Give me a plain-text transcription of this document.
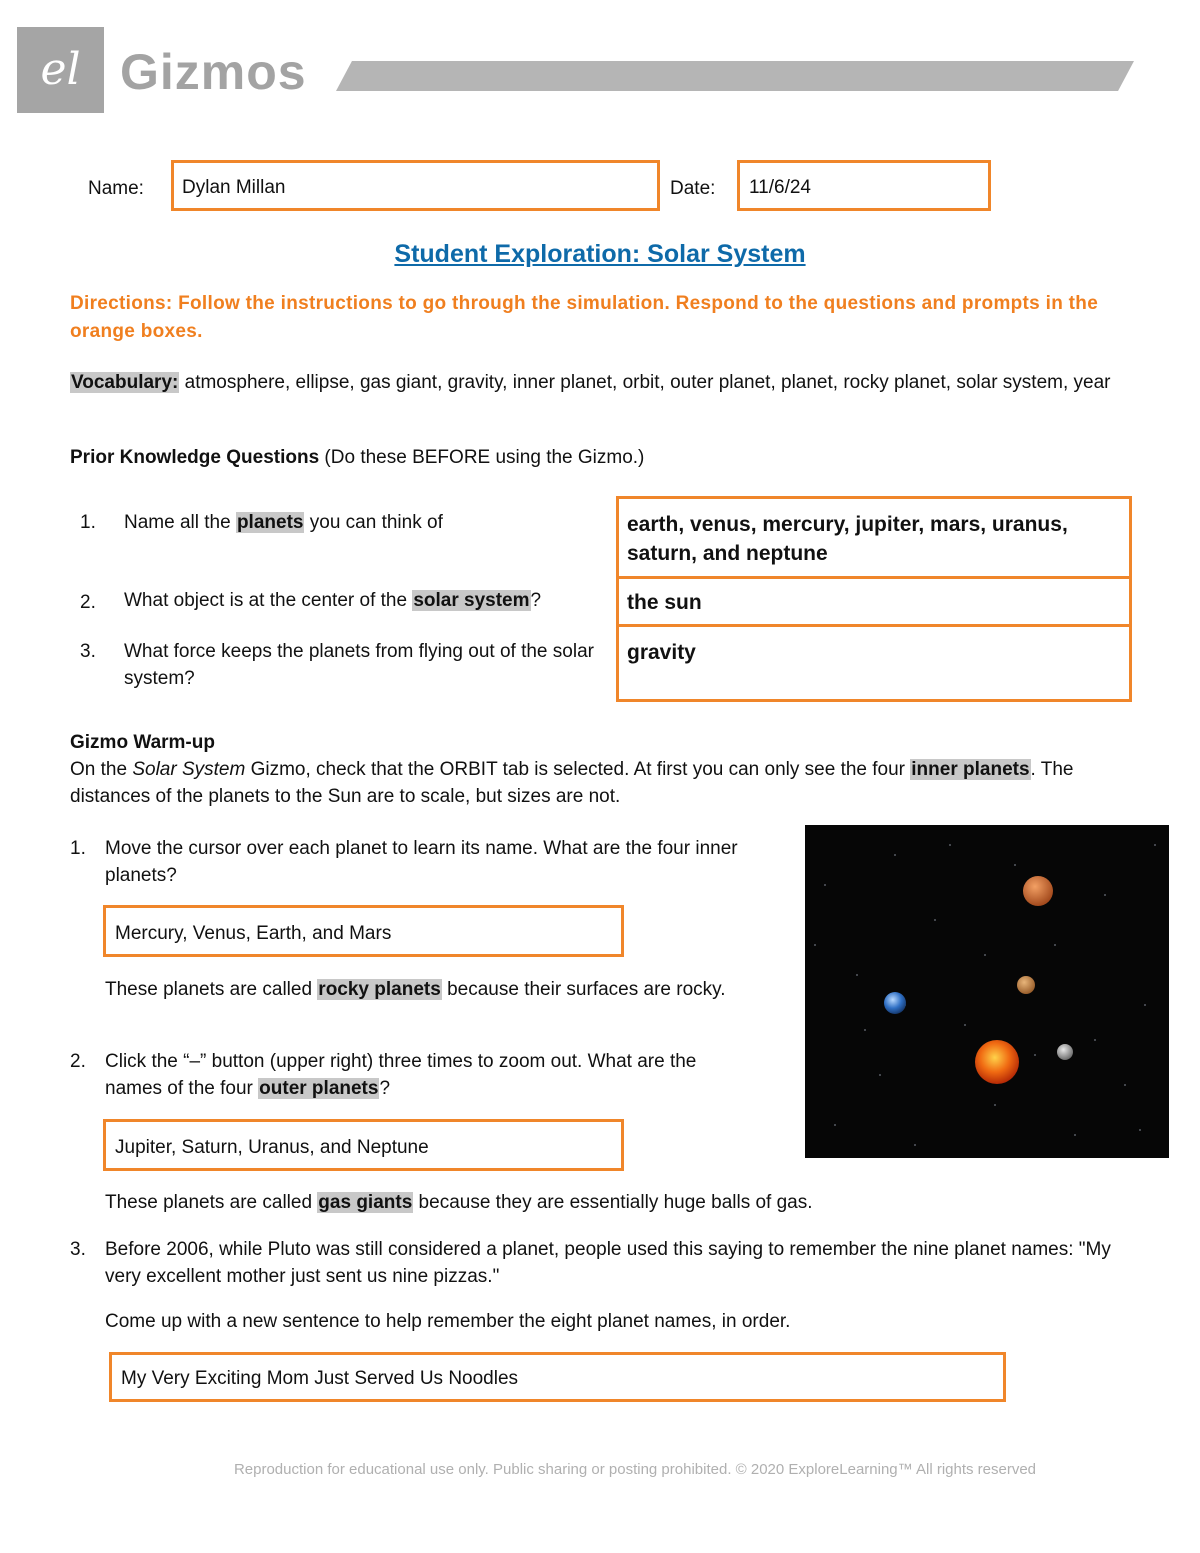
el Gizmos
Name: Dylan Millan	Date: 11/6/24
Student Exploration: Solar System
Directions: Follow the instructions to go through the simulation. Respond to the questions and prompts in the orange boxes.
Vocabulary: atmosphere, ellipse, gas giant, gravity, inner planet, orbit, outer planet, planet, rocky planet, solar system, year
Prior Knowledge Questions (Do these BEFORE using the Gizmo.)
1. Name all the planets you can think of
2. What object is at the center of the solar system?
3. What force keeps the planets from flying out of the solar system?
earth, venus, mercury, jupiter, mars, uranus, saturn, and neptune
the sun
gravity
Gizmo Warm-up
On the Solar System Gizmo, check that the ORBIT tab is selected. At first you can only see the four inner planets. The distances of the planets to the Sun are to scale, but sizes are not.
1. Move the cursor over each planet to learn its name. What are the four inner planets?
Mercury, Venus, Earth, and Mars
These planets are called rocky planets because their surfaces are rocky.
2. Click the “–” button (upper right) three times to zoom out. What are the names of the four outer planets?
Jupiter, Saturn, Uranus, and Neptune
These planets are called gas giants because they are essentially huge balls of gas.
3. Before 2006, while Pluto was still considered a planet, people used this saying to remember the nine planet names: "My very excellent mother just sent us nine pizzas."
Come up with a new sentence to help remember the eight planet names, in order.
My Very Exciting Mom Just Served Us Noodles
Reproduction for educational use only. Public sharing or posting prohibited. © 2020 ExploreLearning™ All rights reserved
